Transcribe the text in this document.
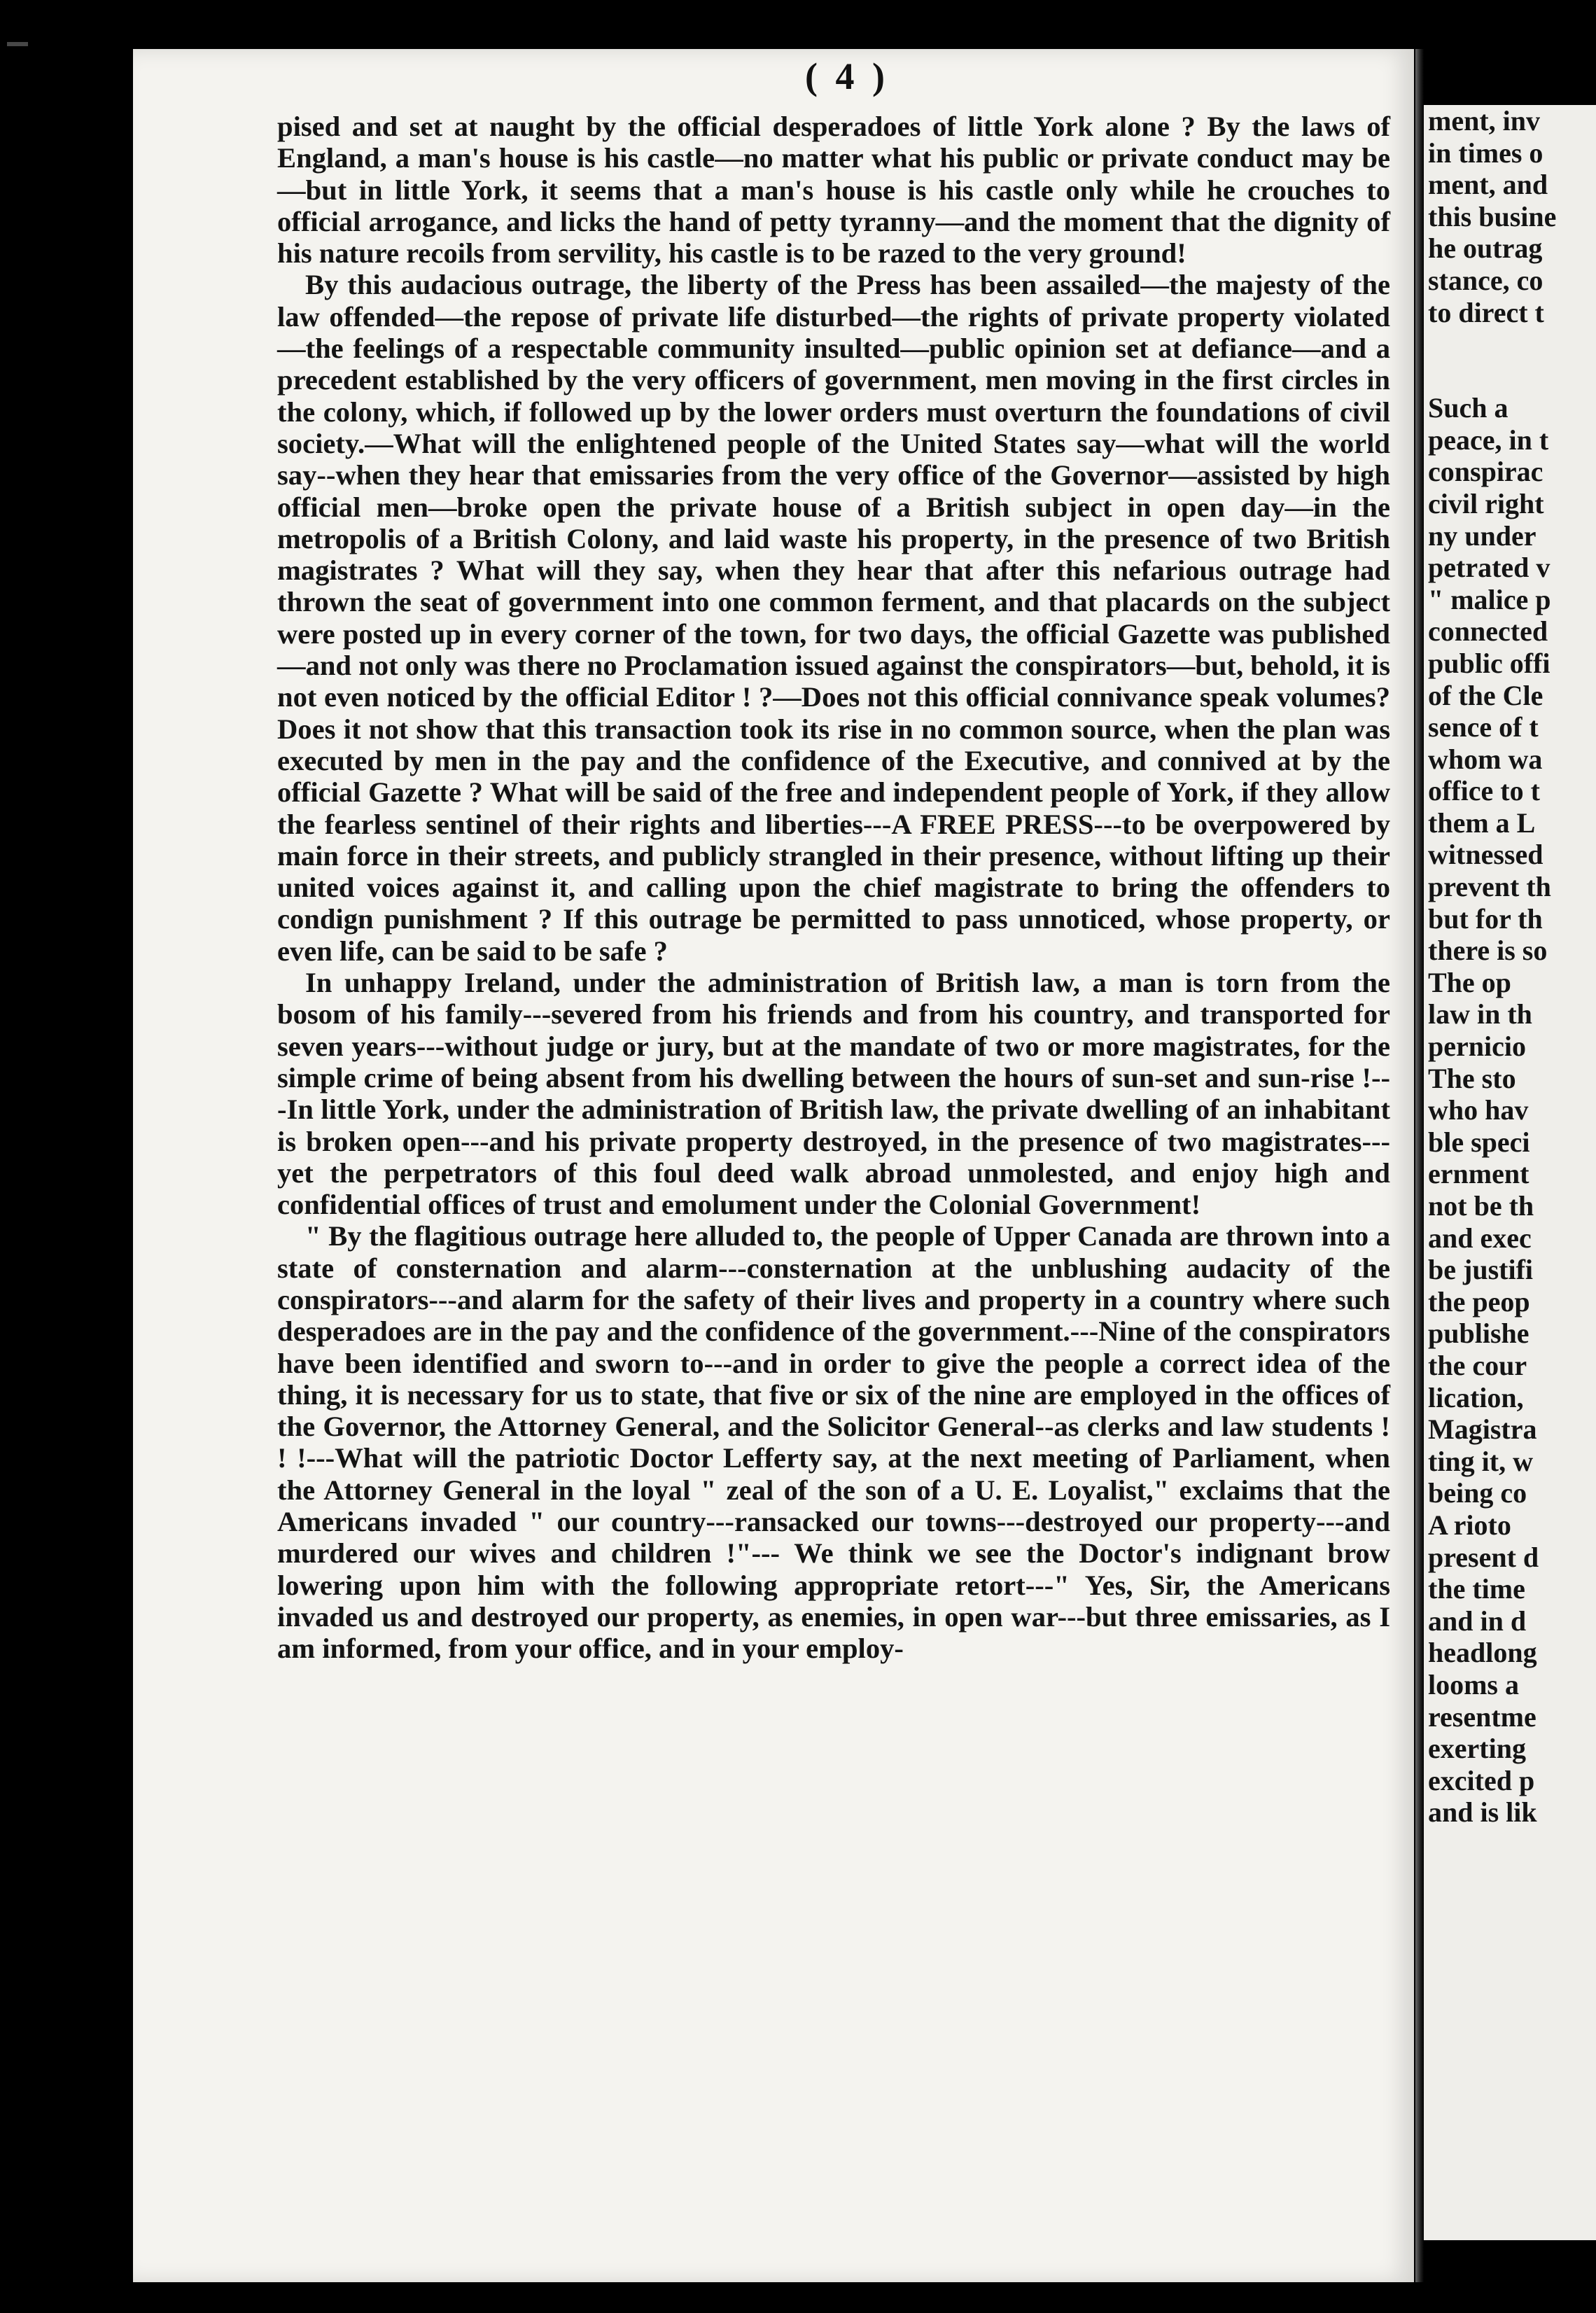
( 4 )

pised and set at naught by the official desperadoes of little York alone ? By the laws of England, a man's house is his castle—no matter what his public or private conduct may be—but in little York, it seems that a man's house is his castle only while he crouches to official arrogance, and licks the hand of petty tyranny—and the moment that the dignity of his nature recoils from servility, his castle is to be razed to the very ground!

By this audacious outrage, the liberty of the Press has been assailed—the majesty of the law offended—the repose of private life disturbed—the rights of private property violated—the feelings of a respectable community insulted—public opinion set at defiance—and a precedent established by the very officers of government, men moving in the first circles in the colony, which, if followed up by the lower orders must overturn the foundations of civil society.—What will the enlightened people of the United States say—what will the world say--when they hear that emissaries from the very office of the Governor—assisted by high official men—broke open the private house of a British subject in open day—in the metropolis of a British Colony, and laid waste his property, in the presence of two British magistrates ? What will they say, when they hear that after this nefarious outrage had thrown the seat of government into one common ferment, and that placards on the subject were posted up in every corner of the town, for two days, the official Gazette was published—and not only was there no Proclamation issued against the conspirators—but, behold, it is not even noticed by the official Editor ! ?—Does not this official connivance speak volumes? Does it not show that this transaction took its rise in no common source, when the plan was executed by men in the pay and the confidence of the Executive, and connived at by the official Gazette ? What will be said of the free and independent people of York, if they allow the fearless sentinel of their rights and liberties---A FREE PRESS---to be overpowered by main force in their streets, and publicly strangled in their presence, without lifting up their united voices against it, and calling upon the chief magistrate to bring the offenders to condign punishment ? If this outrage be permitted to pass unnoticed, whose property, or even life, can be said to be safe ?

In unhappy Ireland, under the administration of British law, a man is torn from the bosom of his family---severed from his friends and from his country, and transported for seven years---without judge or jury, but at the mandate of two or more magistrates, for the simple crime of being absent from his dwelling between the hours of sun-set and sun-rise !---In little York, under the administration of British law, the private dwelling of an inhabitant is broken open---and his private property destroyed, in the presence of two magistrates---yet the perpetrators of this foul deed walk abroad unmolested, and enjoy high and confidential offices of trust and emolument under the Colonial Government!

" By the flagitious outrage here alluded to, the people of Upper Canada are thrown into a state of consternation and alarm---consternation at the unblushing audacity of the conspirators---and alarm for the safety of their lives and property in a country where such desperadoes are in the pay and the confidence of the government.---Nine of the conspirators have been identified and sworn to---and in order to give the people a correct idea of the thing, it is necessary for us to state, that five or six of the nine are employed in the offices of the Governor, the Attorney General, and the Solicitor General--as clerks and law students ! ! !---What will the patriotic Doctor Lefferty say, at the next meeting of Parliament, when the Attorney General in the loyal " zeal of the son of a U. E. Loyalist," exclaims that the Americans invaded " our country---ransacked our towns---destroyed our property---and murdered our wives and children !"--- We think we see the Doctor's indignant brow lowering upon him with the following appropriate retort---" Yes, Sir, the Americans invaded us and destroyed our property, as enemies, in open war---but three emissaries, as I am informed, from your office, and in your employ-

ment, inv
in times o
ment, and
this busine
he outrag
stance, co
to direct t
Such a
peace, in t
conspirac
civil right
ny under
petrated v
" malice p
connected
public offi
of the Cle
sence of t
whom wa
office to t
them a L
witnessed
prevent th
but for th
there is so
The op
law in th
pernicio
The sto
who hav
ble speci
ernment
not be th
and exec
be justifi
the peop
publishe
the cour
lication,
Magistra
ting it, w
being co
A rioto
present d
the time
and in d
headlong
looms a
resentme
exerting
excited p
and is lik
